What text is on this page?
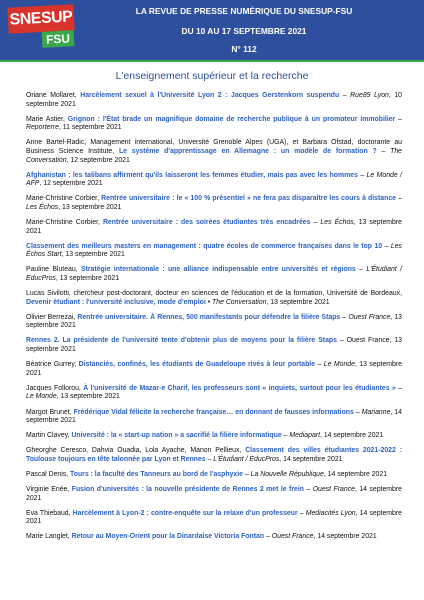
SNESUP
FSU
LA REVUE DE PRESSE NUMÉRIQUE DU SNESUP-FSU
DU 10 AU 17 SEPTEMBRE 2021
N° 112
L'enseignement supérieur et la recherche
Oriane Mollaret, Harcèlement sexuel à l'Université Lyon 2 : Jacques Gerstenkorn suspendu – Rue89 Lyon, 10 septembre 2021
Marie Astier, Grignon : l'État brade un magnifique domaine de recherche publique à un promoteur immobilier – Reporterre, 11 septembre 2021
Anne Bartel-Radic, Management international, Université Grenoble Alpes (UGA), et Barbara Ofstad, doctorante au Business Science Institute, Le système d'apprentissage en Allemagne : un modèle de formation ? – The Conversation, 12 septembre 2021
Afghanistan : les talibans affirment qu'ils laisseront les femmes étudier, mais pas avec les hommes – Le Monde / AFP, 12 septembre 2021
Marie-Christine Corbier, Rentrée universitaire : le « 100 % présentiel » ne fera pas disparaître les cours à distance – Les Échos, 13 septembre 2021
Marie-Christine Corbier, Rentrée universitaire : des soirées étudiantes très encadrées – Les Échos, 13 septembre 2021
Classement des meilleurs masters en management : quatre écoles de commerce françaises dans le top 10 – Les Échos Start, 13 septembre 2021
Pauline Bluteau, Stratégie internationale : une alliance indispensable entre universités et régions – L'Étudiant / EducPros, 13 septembre 2021
Lucas Sivilotti, chercheur post-doctorant, docteur en sciences de l'éducation et de la formation, Université de Bordeaux, Devenir étudiant : l'université inclusive, mode d'emploi • The Conversation, 13 septembre 2021
Olivier Berrezai, Rentrée universitaire. À Rennes, 500 manifestants pour défendre la filière Staps – Ouest France, 13 septembre 2021
Rennes 2. La présidente de l'université tente d'obtenir plus de moyens pour la filière Staps – Ouest France, 13 septembre 2021
Béatrice Gurrey, Distanciés, confinés, les étudiants de Guadeloupe rivés à leur portable – Le Monde, 13 septembre 2021
Jacques Follorou, À l'université de Mazar-e Charif, les professeurs sont « inquiets, surtout pour les étudiantes » – Le Monde, 13 septembre 2021
Margot Brunet, Frédérique Vidal félicite la recherche française… en donnant de fausses informations – Marianne, 14 septembre 2021
Martin Clavey, Université : la « start-up nation » a sacrifié la filière informatique – Mediapart, 14 septembre 2021
Gheorghe Ceresco, Dahvia Ouadia, Lola Ayache, Manon Pellieux, Classement des villes étudiantes 2021-2022 : Toulouse toujours en tête talonnée par Lyon et Rennes – L'Étudiant / EducPros, 14 septembre 2021
Pascal Denis, Tours : la faculté des Tanneurs au bord de l'asphyxie – La Nouvelle République, 14 septembre 2021
Virginie Enée, Fusion d'universités : la nouvelle présidente de Rennes 2 met le frein – Ouest France, 14 septembre 2021
Eva Thiebaud, Harcèlement à Lyon-2 : contre-enquête sur la relaxe d'un professeur – Mediacités Lyon, 14 septembre 2021
Marie Langlet, Retour au Moyen-Orient pour la Dinardaise Victoria Fontan – Ouest France, 14 septembre 2021
